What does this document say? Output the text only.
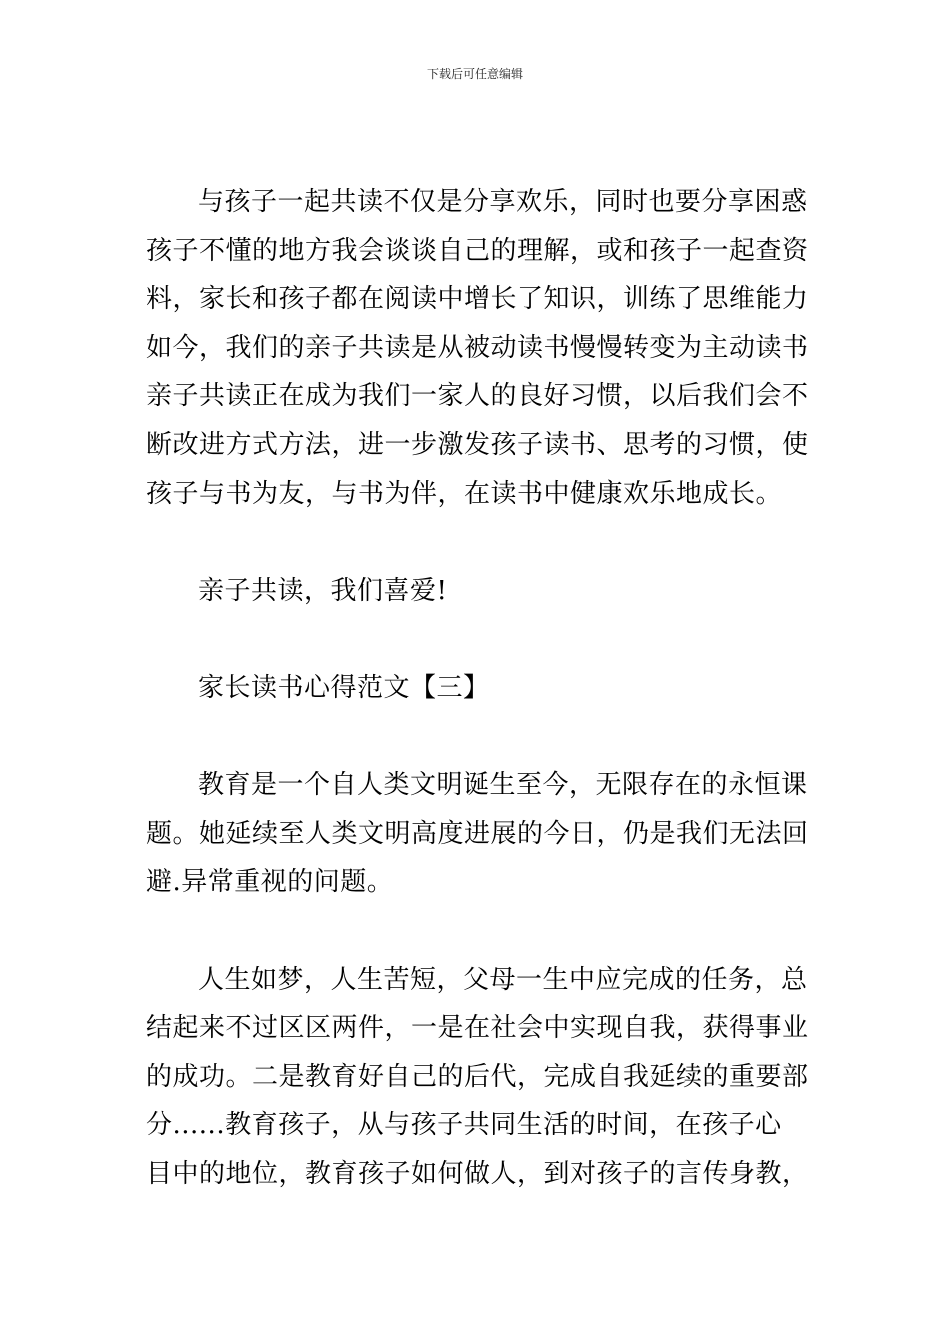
下载后可任意编辑
与孩子一起共读不仅是分享欢乐，同时也要分享困惑
孩子不懂的地方我会谈谈自己的理解，或和孩子一起查资
料，家长和孩子都在阅读中增长了知识，训练了思维能力
如今，我们的亲子共读是从被动读书慢慢转变为主动读书
亲子共读正在成为我们一家人的良好习惯，以后我们会不
断改进方式方法，进一步激发孩子读书、思考的习惯，使
孩子与书为友，与书为伴，在读书中健康欢乐地成长。
亲子共读，我们喜爱!
家长读书心得范文【三】
教育是一个自人类文明诞生至今，无限存在的永恒课
题。她延续至人类文明高度进展的今日，仍是我们无法回
避.异常重视的问题。
人生如梦，人生苦短，父母一生中应完成的任务，总
结起来不过区区两件，一是在社会中实现自我，获得事业
的成功。二是教育好自己的后代，完成自我延续的重要部
分......教育孩子，从与孩子共同生活的时间，在孩子心
目中的地位，教育孩子如何做人，到对孩子的言传身教，
